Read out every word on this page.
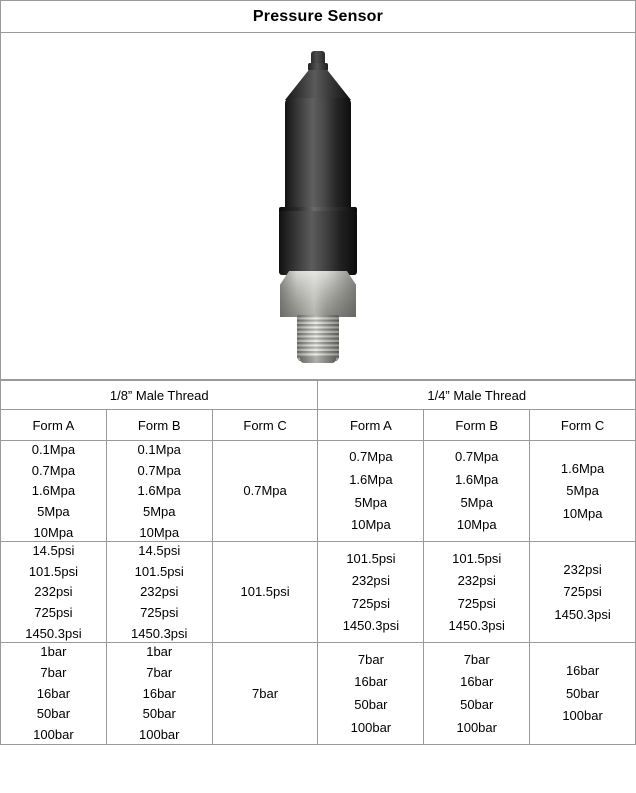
Pressure Sensor
1/8” Male Thread			1/4” Male Thread		
Form A	Form B	Form C	Form A	Form B	Form C

0.1Mpa
0.7Mpa
1.6Mpa
5Mpa
10Mpa	0.1Mpa
0.7Mpa
1.6Mpa
5Mpa
10Mpa	0.7Mpa	0.7Mpa
1.6Mpa
5Mpa
10Mpa	0.7Mpa
1.6Mpa
5Mpa
10Mpa	1.6Mpa
5Mpa
10Mpa

14.5psi
101.5psi
232psi
725psi
1450.3psi	14.5psi
101.5psi
232psi
725psi
1450.3psi	101.5psi	101.5psi
232psi
725psi
1450.3psi	101.5psi
232psi
725psi
1450.3psi	232psi
725psi
1450.3psi

1bar
7bar
16bar
50bar
100bar	1bar
7bar
16bar
50bar
100bar	7bar	7bar
16bar
50bar
100bar	7bar
16bar
50bar
100bar	16bar
50bar
100bar
